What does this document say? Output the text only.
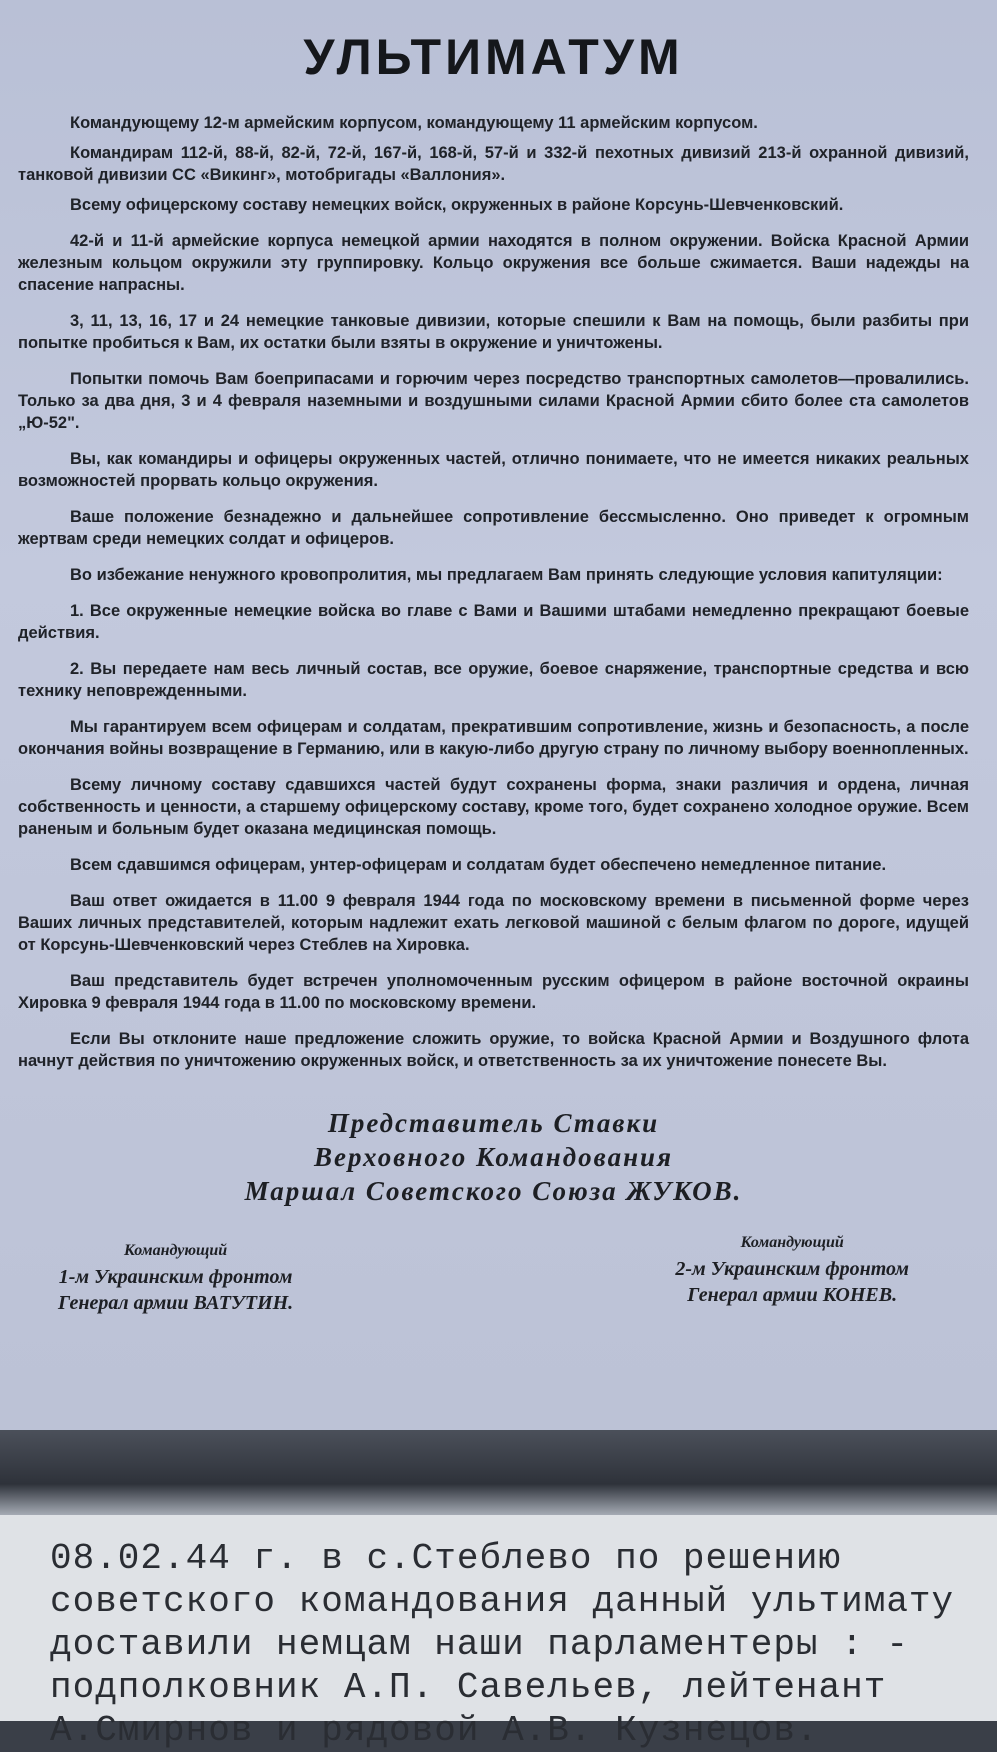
УЛЬТИМАТУМ

Командующему 12-м армейским корпусом, командующему 11 армейским корпусом.

Командирам 112-й, 88-й, 82-й, 72-й, 167-й, 168-й, 57-й и 332-й пехотных дивизий 213-й охранной дивизий, танковой дивизии СС «Викинг», мотобригады «Валлония».

Всему офицерскому составу немецких войск, окруженных в районе Корсунь-Шевченковский.

42-й и 11-й армейские корпуса немецкой армии находятся в полном окружении. Войска Красной Армии железным кольцом окружили эту группировку. Кольцо окружения все больше сжимается. Ваши надежды на спасение напрасны.

3, 11, 13, 16, 17 и 24 немецкие танковые дивизии, которые спешили к Вам на помощь, были разбиты при попытке пробиться к Вам, их остатки были взяты в окружение и уничтожены.

Попытки помочь Вам боеприпасами и горючим через посредство транспортных самолетов—провалились. Только за два дня, 3 и 4 февраля наземными и воздушными силами Красной Армии сбито более ста самолетов „Ю-52".

Вы, как командиры и офицеры окруженных частей, отлично понимаете, что не имеется никаких реальных возможностей прорвать кольцо окружения.

Ваше положение безнадежно и дальнейшее сопротивление бессмысленно. Оно приведет к огромным жертвам среди немецких солдат и офицеров.

Во избежание ненужного кровопролития, мы предлагаем Вам принять следующие условия капитуляции:

1. Все окруженные немецкие войска во главе с Вами и Вашими штабами немедленно прекращают боевые действия.

2. Вы передаете нам весь личный состав, все оружие, боевое снаряжение, транспортные средства и всю технику неповрежденными.

Мы гарантируем всем офицерам и солдатам, прекратившим сопротивление, жизнь и безопасность, а после окончания войны возвращение в Германию, или в какую-либо другую страну по личному выбору военнопленных.

Всему личному составу сдавшихся частей будут сохранены форма, знаки различия и ордена, личная собственность и ценности, а старшему офицерскому составу, кроме того, будет сохранено холодное оружие. Всем раненым и больным будет оказана медицинская помощь.

Всем сдавшимся офицерам, унтер-офицерам и солдатам будет обеспечено немедленное питание.

Ваш ответ ожидается в 11.00 9 февраля 1944 года по московскому времени в письменной форме через Ваших личных представителей, которым надлежит ехать легковой машиной с белым флагом по дороге, идущей от Корсунь-Шевченковский через Стеблев на Хировка.

Ваш представитель будет встречен уполномоченным русским офицером в районе восточной окраины Хировка 9 февраля 1944 года в 11.00 по московскому времени.

Если Вы отклоните наше предложение сложить оружие, то войска Красной Армии и Воздушного флота начнут действия по уничтожению окруженных войск, и ответственность за их уничтожение понесете Вы.

Представитель Ставки
Верховного Командования
Маршал Советского Союза ЖУКОВ.
Командующий
1-м Украинским фронтом
Генерал армии ВАТУТИН.
Командующий
2-м Украинским фронтом
Генерал армии КОНЕВ.
08.02.44 г. в с.Стеблево по решению
советского командования данный ультимату
доставили немцам наши парламентеры : -
подполковник А.П. Савельев, лейтенант
А.Смирнов и рядовой А.В. Кузнецов.
